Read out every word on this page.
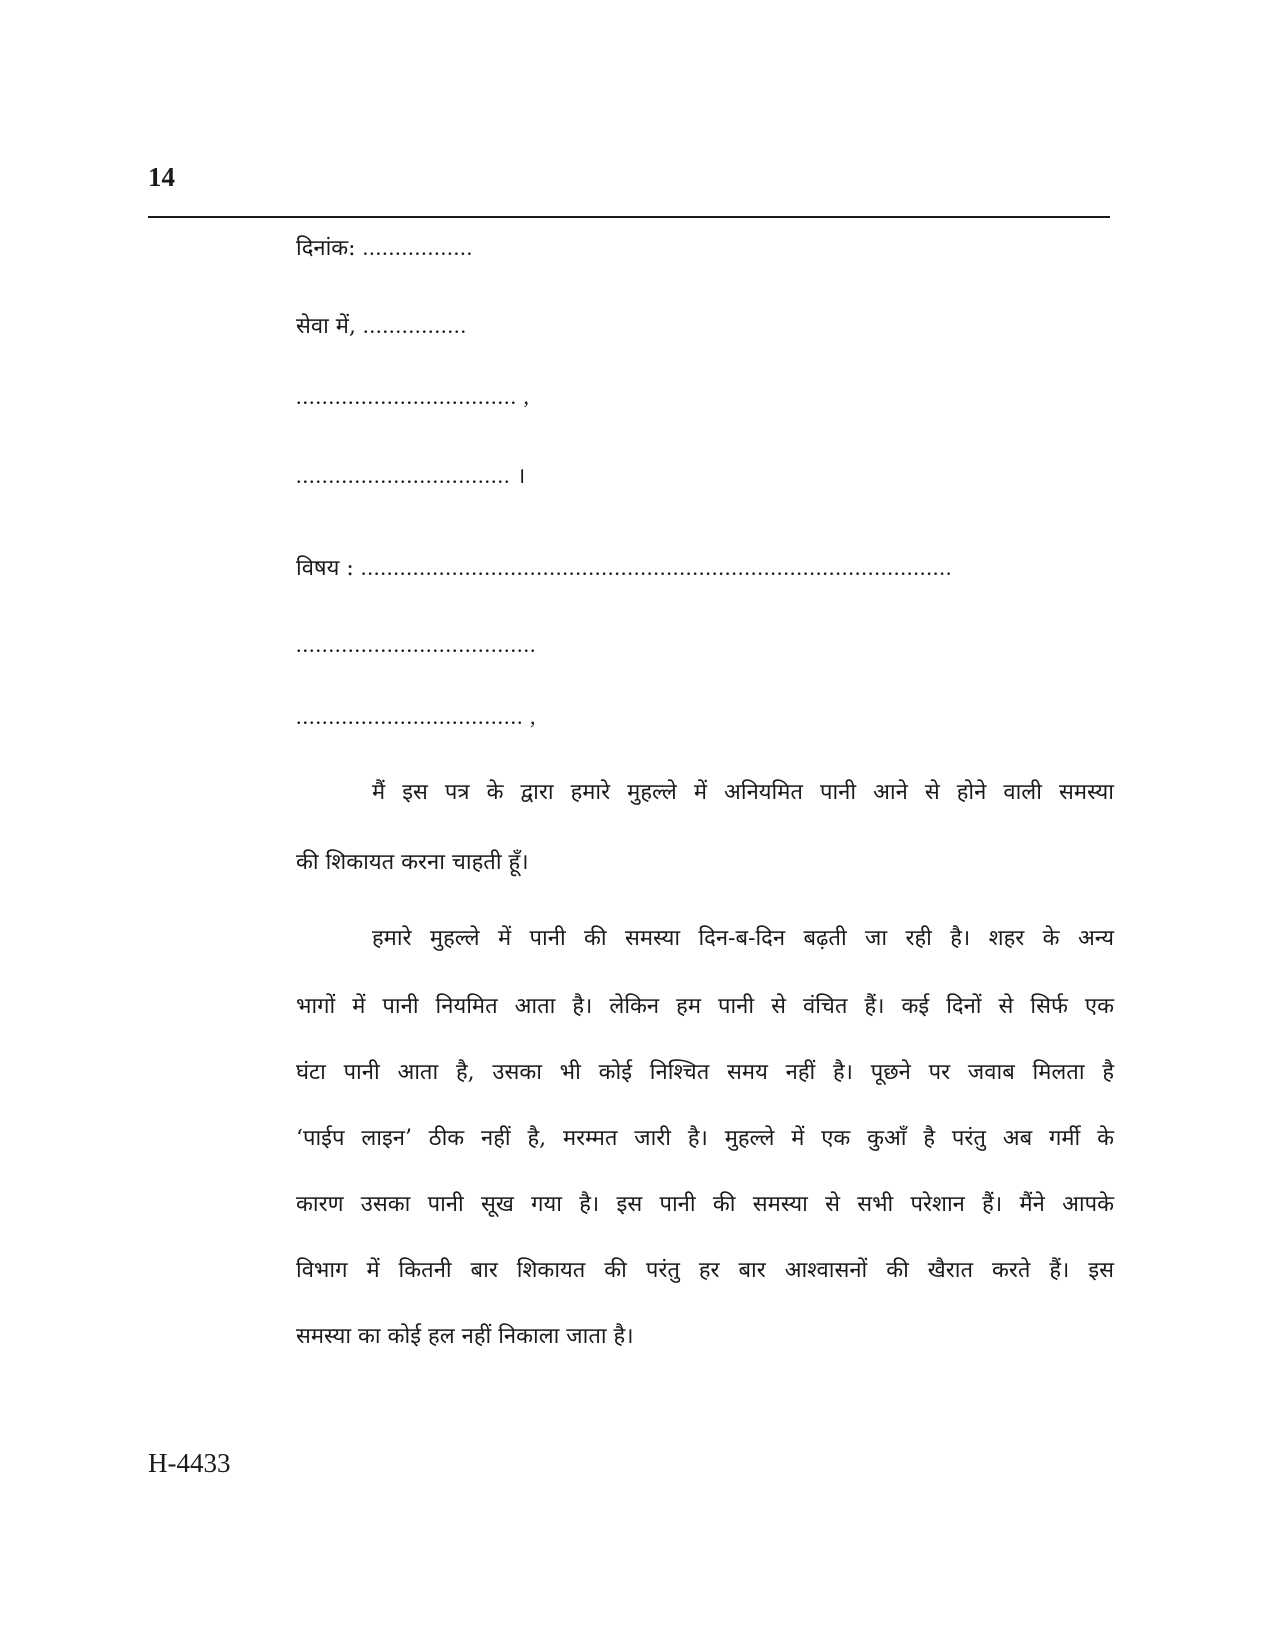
14
दिनांक: .................
सेवा में, ................
.................................. ,
................................. ।
विषय : ...........................................................................................
.....................................
................................... ,
मैं इस पत्र के द्वारा हमारे मुहल्ले में अनियमित पानी आने से होने वाली समस्या
की शिकायत करना चाहती हूँ।
हमारे मुहल्ले में पानी की समस्या दिन-ब-दिन बढ़ती जा रही है। शहर के अन्य
भागों में पानी नियमित आता है। लेकिन हम पानी से वंचित हैं। कई दिनों से सिर्फ एक
घंटा पानी आता है, उसका भी कोई निश्चित समय नहीं है। पूछने पर जवाब मिलता है
‘पाईप लाइन’ ठीक नहीं है, मरम्मत जारी है। मुहल्ले में एक कुआँ है परंतु अब गर्मी के
कारण उसका पानी सूख गया है। इस पानी की समस्या से सभी परेशान हैं। मैंने आपके
विभाग में कितनी बार शिकायत की परंतु हर बार आश्वासनों की खैरात करते हैं। इस
समस्या का कोई हल नहीं निकाला जाता है।
H-4433
